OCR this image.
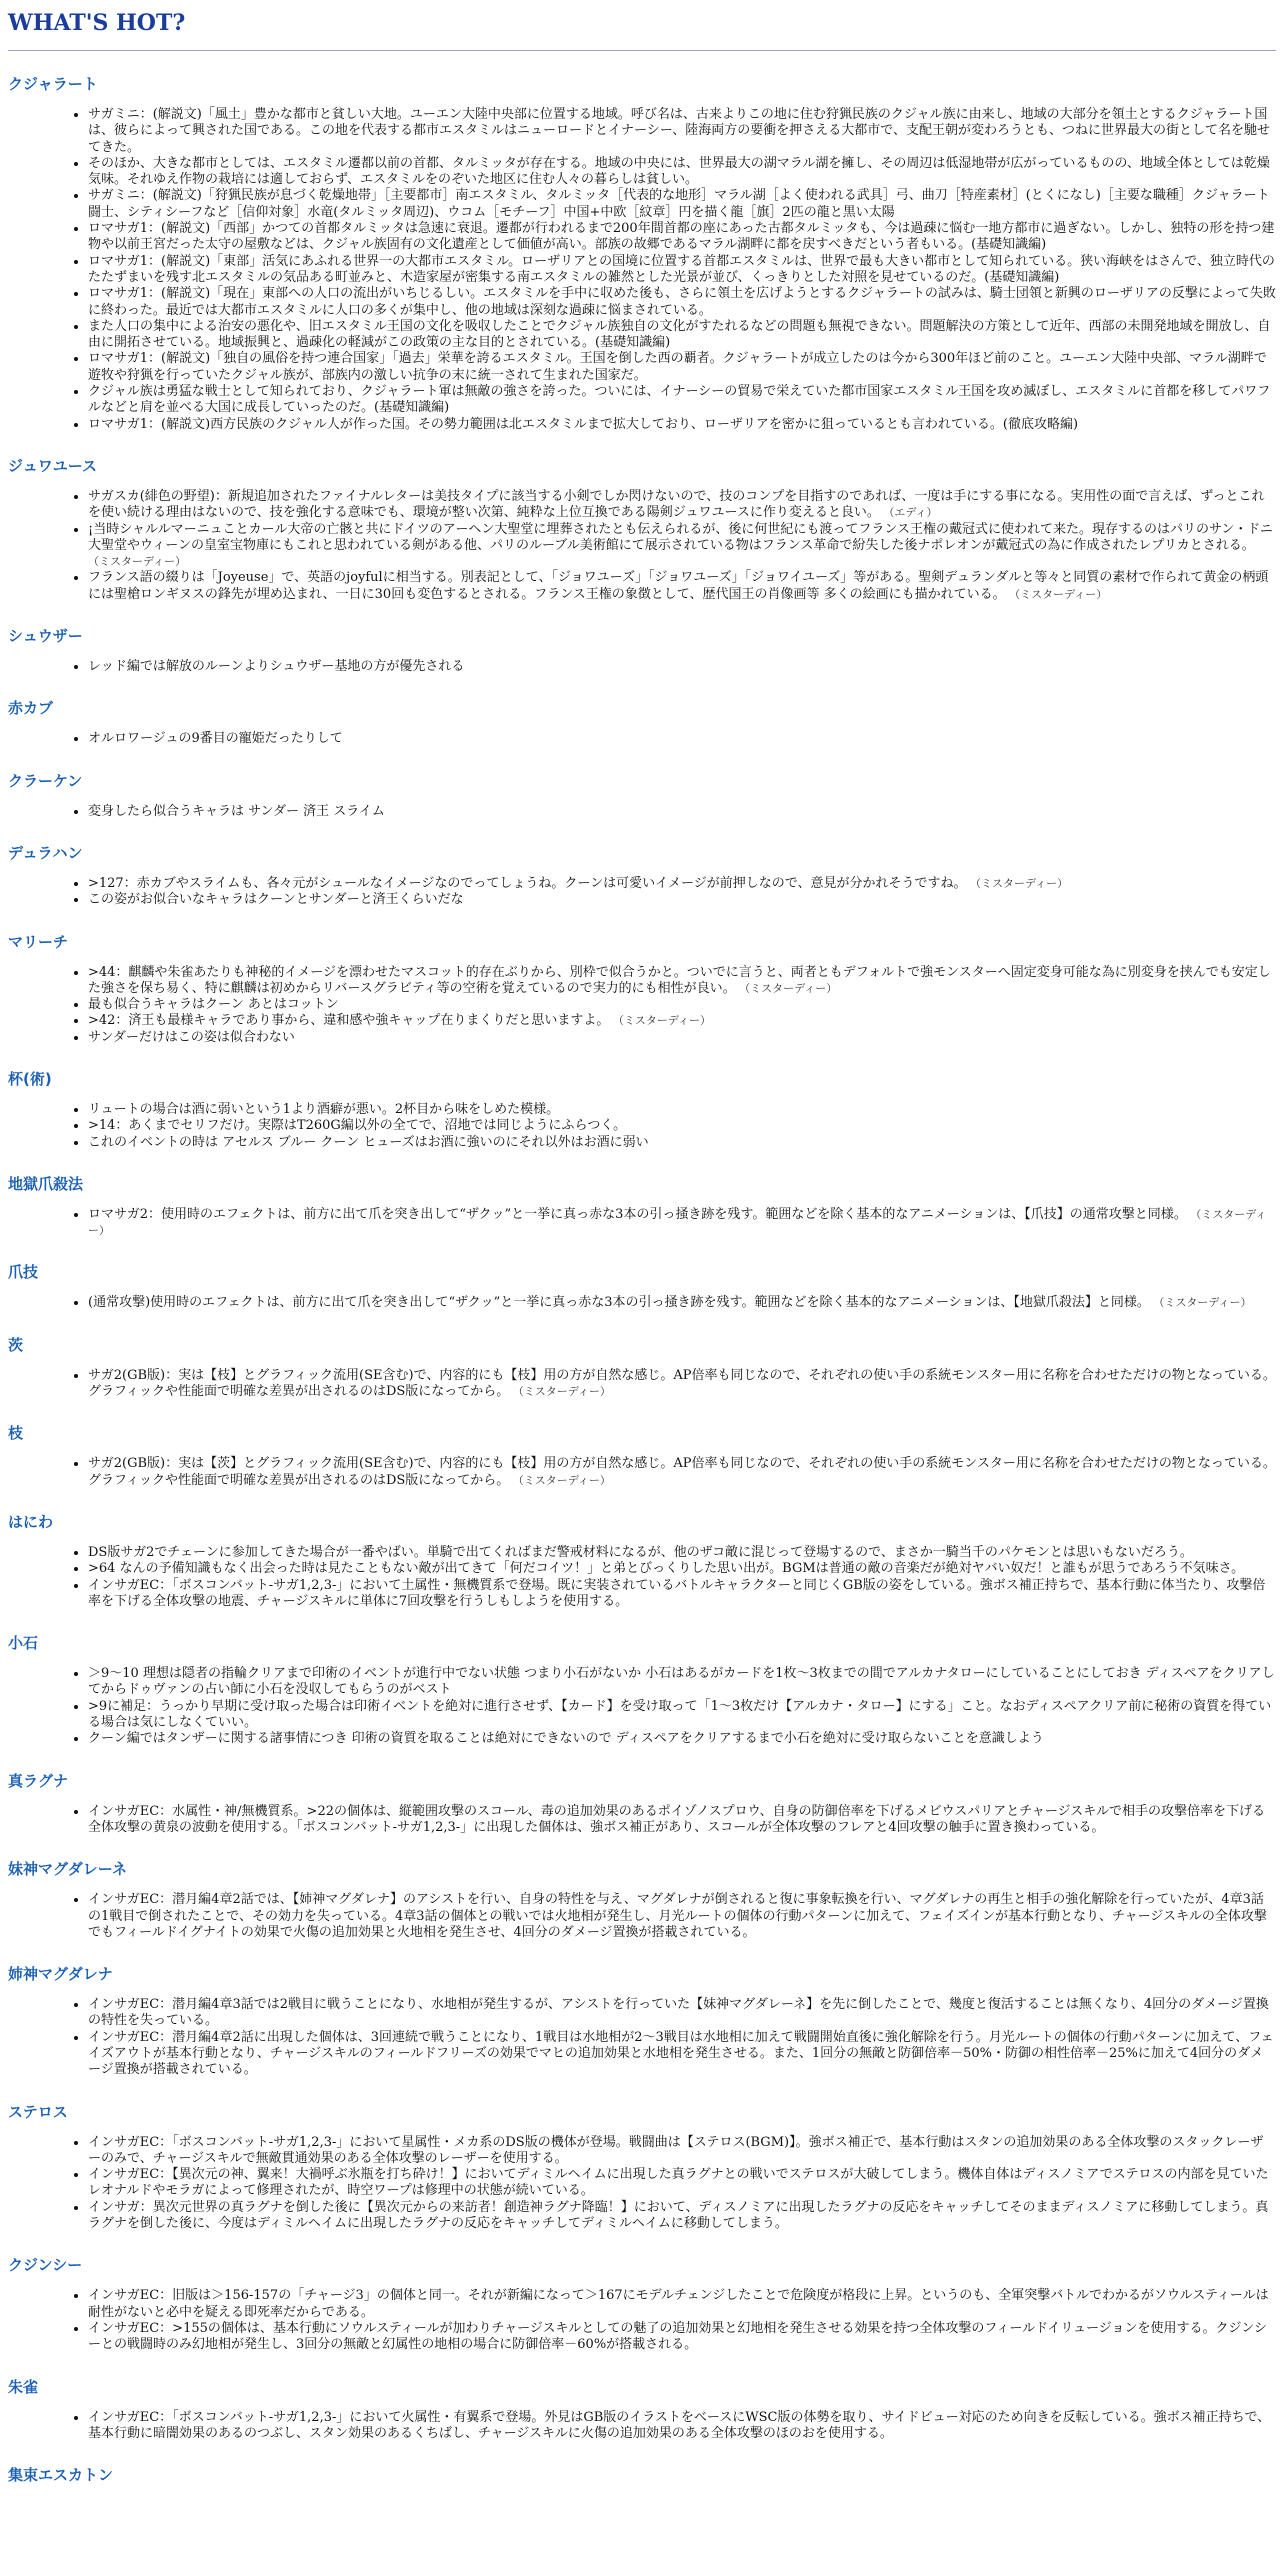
WHAT'S HOT?
クジャラート
• サガミニ：(解説文)「風土」豊かな都市と貧しい大地。ユーエン大陸中央部に位置する地域。呼び名は、古来よりこの地に住む狩猟民族のクジャル族に由来し、地域の大部分を領土とするクジャラート国は、彼らによって興された国である。この地を代表する都市エスタミルはニューロードとイナーシー、陸海両方の要衝を押さえる大都市で、支配王朝が変わろうとも、つねに世界最大の街として名を馳せてきた。
• そのほか、大きな都市としては、エスタミル遷都以前の首都、タルミッタが存在する。地域の中央には、世界最大の湖マラル湖を擁し、その周辺は低湿地帯が広がっているものの、地域全体としては乾燥気味。それゆえ作物の栽培には適しておらず、エスタミルをのぞいた地区に住む人々の暮らしは貧しい。
• サガミニ：(解説文)「狩猟民族が息づく乾燥地帯」［主要都市］南エスタミル、タルミッタ［代表的な地形］マラル湖［よく使われる武具］弓、曲刀［特産素材］(とくになし)［主要な職種］クジャラート闘士、シティシーフなど［信仰対象］水竜(タルミッタ周辺)、ウコム［モチーフ］中国+中欧［紋章］円を描く龍［旗］2匹の龍と黒い太陽
• ロマサガ1：(解説文)「西部」かつての首都タルミッタは急速に衰退。遷都が行われるまで200年間首都の座にあった古都タルミッタも、今は過疎に悩む一地方都市に過ぎない。しかし、独特の形を持つ建物や以前王宮だった太守の屋敷などは、クジャル族固有の文化遺産として価値が高い。部族の故郷であるマラル湖畔に都を戻すべきだという者もいる。(基礎知識編)
• ロマサガ1：(解説文)「東部」活気にあふれる世界一の大都市エスタミル。ローザリアとの国境に位置する首都エスタミルは、世界で最も大きい都市として知られている。狭い海峡をはさんで、独立時代のたたずまいを残す北エスタミルの気品ある町並みと、木造家屋が密集する南エスタミルの雑然とした光景が並び、くっきりとした対照を見せているのだ。(基礎知識編)
• ロマサガ1：(解説文)「現在」東部への人口の流出がいちじるしい。エスタミルを手中に収めた後も、さらに領土を広げようとするクジャラートの試みは、騎士団領と新興のローザリアの反撃によって失敗に終わった。最近では大都市エスタミルに人口の多くが集中し、他の地域は深刻な過疎に悩まされている。
• また人口の集中による治安の悪化や、旧エスタミル王国の文化を吸収したことでクジャル族独自の文化がすたれるなどの問題も無視できない。問題解決の方策として近年、西部の未開発地域を開放し、自由に開拓させている。地域振興と、過疎化の軽減がこの政策の主な目的とされている。(基礎知識編)
• ロマサガ1：(解説文)「独自の風俗を持つ連合国家」「過去」栄華を誇るエスタミル。王国を倒した西の覇者。クジャラートが成立したのは今から300年ほど前のこと。ユーエン大陸中央部、マラル湖畔で遊牧や狩猟を行っていたクジャル族が、部族内の激しい抗争の末に統一されて生まれた国家だ。
• クジャル族は勇猛な戦士として知られており、クジャラート軍は無敵の強さを誇った。ついには、イナーシーの貿易で栄えていた都市国家エスタミル王国を攻め滅ぼし、エスタミルに首都を移してパワフルなどと肩を並べる大国に成長していったのだ。(基礎知識編)
• ロマサガ1：(解説文)西方民族のクジャル人が作った国。その勢力範囲は北エスタミルまで拡大しており、ローザリアを密かに狙っているとも言われている。(徹底攻略編)
ジュワユース
• サガスカ(緋色の野望)：新規追加されたファイナルレターは美技タイプに該当する小剣でしか閃けないので、技のコンプを目指すのであれば、一度は手にする事になる。実用性の面で言えば、ずっとこれを使い続ける理由はないので、技を強化する意味でも、環境が整い次第、純粋な上位互換である陽剣ジュワユースに作り変えると良い。 （エディ）
• ¡当時シャルルマーニュことカール大帝の亡骸と共にドイツのアーヘン大聖堂に埋葬されたとも伝えられるが、後に何世紀にも渡ってフランス王権の戴冠式に使われて来た。現存するのはパリのサン・ドニ大聖堂やウィーンの皇室宝物庫にもこれと思われている剣がある他、パリのルーブル美術館にて展示されている物はフランス革命で紛失した後ナポレオンが戴冠式の為に作成されたレプリカとされる。 （ミスターディー）
• フランス語の綴りは「Joyeuse」で、英語のjoyfulに相当する。別表記として、「ジョワユーズ」「ジョワユーズ」「ジョワイユーズ」等がある。聖剣デュランダルと等々と同質の素材で作られて黄金の柄頭には聖槍ロンギヌスの鋒先が埋め込まれ、一日に30回も変色するとされる。フランス王権の象徴として、歴代国王の肖像画等 多くの絵画にも描かれている。 （ミスターディー）
シュウザー
• レッド編では解放のルーンよりシュウザー基地の方が優先される
赤カブ
• オルロワージュの9番目の寵姫だったりして
クラーケン
• 変身したら似合うキャラは サンダー 済王 スライム
デュラハン
• >127：赤カブやスライムも、各々元がシュールなイメージなのでってしょうね。クーンは可愛いイメージが前押しなので、意見が分かれそうですね。 （ミスターディー）
• この姿がお似合いなキャラはクーンとサンダーと済王くらいだな
マリーチ
• >44：麒麟や朱雀あたりも神秘的イメージを漂わせたマスコット的存在ぶりから、別枠で似合うかと。ついでに言うと、両者ともデフォルトで強モンスターへ固定変身可能な為に別変身を挟んでも安定した強さを保ち易く、特に麒麟は初めからリバースグラビティ等の空術を覚えているので実力的にも相性が良い。 （ミスターディー）
• 最も似合うキャラはクーン あとはコットン
• >42：済王も最様キャラであり事から、違和感や強キャップ在りまくりだと思いますよ。 （ミスターディー）
• サンダーだけはこの姿は似合わない
杯(術)
• リュートの場合は酒に弱いという1より酒癖が悪い。2杯目から味をしめた模様。
• >14：あくまでセリフだけ。実際はT260G編以外の全てで、沼地では同じようにふらつく。
• これのイベントの時は アセルス ブルー クーン ヒューズはお酒に強いのにそれ以外はお酒に弱い
地獄爪殺法
• ロマサガ2：使用時のエフェクトは、前方に出て爪を突き出して“ザクッ”と一挙に真っ赤な3本の引っ掻き跡を残す。範囲などを除く基本的なアニメーションは、【爪技】の通常攻撃と同様。 （ミスターディー）
爪技
• (通常攻撃)使用時のエフェクトは、前方に出て爪を突き出して“ザクッ”と一挙に真っ赤な3本の引っ掻き跡を残す。範囲などを除く基本的なアニメーションは、【地獄爪殺法】と同様。 （ミスターディー）
茨
• サガ2(GB版)：実は【枝】とグラフィック流用(SE含む)で、内容的にも【枝】用の方が自然な感じ。AP倍率も同じなので、それぞれの使い手の系統モンスター用に名称を合わせただけの物となっている。グラフィックや性能面で明確な差異が出されるのはDS版になってから。 （ミスターディー）
枝
• サガ2(GB版)：実は【茨】とグラフィック流用(SE含む)で、内容的にも【枝】用の方が自然な感じ。AP倍率も同じなので、それぞれの使い手の系統モンスター用に名称を合わせただけの物となっている。グラフィックや性能面で明確な差異が出されるのはDS版になってから。 （ミスターディー）
はにわ
• DS版サガ2でチェーンに参加してきた場合が一番やばい。単騎で出てくればまだ警戒材料になるが、他のザコ敵に混じって登場するので、まさか一騎当千のパケモンとは思いもないだろう。
• >64 なんの予備知識もなく出会った時は見たこともない敵が出てきて「何だコイツ！」と弟とびっくりした思い出が。BGMは普通の敵の音楽だが絶対ヤバい奴だ！と誰もが思うであろう不気味さ。
• インサガEC：「ボスコンバット-サガ1,2,3-」において土属性・無機質系で登場。既に実装されているバトルキャラクターと同じくGB版の姿をしている。強ボス補正持ちで、基本行動に体当たり、攻撃倍率を下げる全体攻撃の地震、チャージスキルに単体に7回攻撃を行うしもしようを使用する。
小石
• ＞9〜10 理想は隠者の指輪クリアまで印術のイベントが進行中でない状態 つまり小石がないか 小石はあるがカードを1枚〜3枚までの間でアルカナタローにしていることにしておき ディスペアをクリアしてからドゥヴァンの占い師に小石を没収してもらうのがベスト
• >9に補足：うっかり早期に受け取った場合は印術イベントを絶対に進行させず、【カード】を受け取って「1〜3枚だけ【アルカナ・タロー】にする」こと。なおディスペアクリア前に秘術の資質を得ている場合は気にしなくていい。
• クーン編ではタンザーに関する諸事情につき 印術の資質を取ることは絶対にできないので ディスペアをクリアするまで小石を絶対に受け取らないことを意識しよう
真ラグナ
• インサガEC：水属性・神/無機質系。>22の個体は、縦範囲攻撃のスコール、毒の追加効果のあるポイゾノスプロウ、自身の防御倍率を下げるメビウスパリアとチャージスキルで相手の攻撃倍率を下げる全体攻撃の黄泉の波動を使用する。「ボスコンバット-サガ1,2,3-」に出現した個体は、強ボス補正があり、スコールが全体攻撃のフレアと4回攻撃の触手に置き換わっている。
妹神マグダレーネ
• インサガEC：潜月編4章2話では、【姉神マグダレナ】のアシストを行い、自身の特性を与え、マグダレナが倒されると復に事象転換を行い、マグダレナの再生と相手の強化解除を行っていたが、4章3話の1戦目で倒されたことで、その効力を失っている。4章3話の個体との戦いでは火地相が発生し、月光ルートの個体の行動パターンに加えて、フェイズインが基本行動となり、チャージスキルの全体攻撃でもフィールドイグナイトの効果で火傷の追加効果と火地相を発生させ、4回分のダメージ置換が搭載されている。
姉神マグダレナ
• インサガEC：潜月編4章3話では2戦目に戦うことになり、水地相が発生するが、アシストを行っていた【妹神マグダレーネ】を先に倒したことで、幾度と復活することは無くなり、4回分のダメージ置換の特性を失っている。
• インサガEC：潜月編4章2話に出現した個体は、3回連続で戦うことになり、1戦目は水地相が2〜3戦目は水地相に加えて戦闘開始直後に強化解除を行う。月光ルートの個体の行動パターンに加えて、フェイズアウトが基本行動となり、チャージスキルのフィールドフリーズの効果でマヒの追加効果と水地相を発生させる。また、1回分の無敵と防御倍率－50%・防御の相性倍率－25%に加えて4回分のダメージ置換が搭載されている。
ステロス
• インサガEC：「ボスコンバット-サガ1,2,3-」において星属性・メカ系のDS版の機体が登場。戦闘曲は【ステロス(BGM)】。強ボス補正で、基本行動はスタンの追加効果のある全体攻撃のスタックレーザーのみで、チャージスキルで無敵貫通効果のある全体攻撃のレーザーを使用する。
• インサガEC：【異次元の神、翼来！大禍呼ぶ氷瓶を打ち砕け！】においてディミルヘイムに出現した真ラグナとの戦いでステロスが大破してしまう。機体自体はディスノミアでステロスの内部を見ていたレオナルドやモラガによって修理されたが、時空ワープは修理中の状態が続いている。
• インサガ：異次元世界の真ラグナを倒した後に【異次元からの来訪者！創造神ラグナ降臨！】において、ディスノミアに出現したラグナの反応をキャッチしてそのままディスノミアに移動してしまう。真ラグナを倒した後に、今度はディミルヘイムに出現したラグナの反応をキャッチしてディミルヘイムに移動してしまう。
クジンシー
• インサガEC：旧版は＞156-157の「チャージ3」の個体と同一。それが新編になって＞167にモデルチェンジしたことで危険度が格段に上昇。というのも、全軍突撃バトルでわかるがソウルスティールは耐性がないと必中を疑える即死率だからである。
• インサガEC：>155の個体は、基本行動にソウルスティールが加わりチャージスキルとしての魅了の追加効果と幻地相を発生させる効果を持つ全体攻撃のフィールドイリュージョンを使用する。クジンシーとの戦闘時のみ幻地相が発生し、3回分の無敵と幻属性の地相の場合に防御倍率－60%が搭載される。
朱雀
• インサガEC：「ボスコンバット-サガ1,2,3-」において火属性・有翼系で登場。外見はGB版のイラストをベースにWSC版の体勢を取り、サイドビュー対応のため向きを反転している。強ボス補正持ちで、基本行動に暗闇効果のあるのつぶし、スタン効果のあるくちばし、チャージスキルに火傷の追加効果のある全体攻撃のほのおを使用する。
集束エスカトン
